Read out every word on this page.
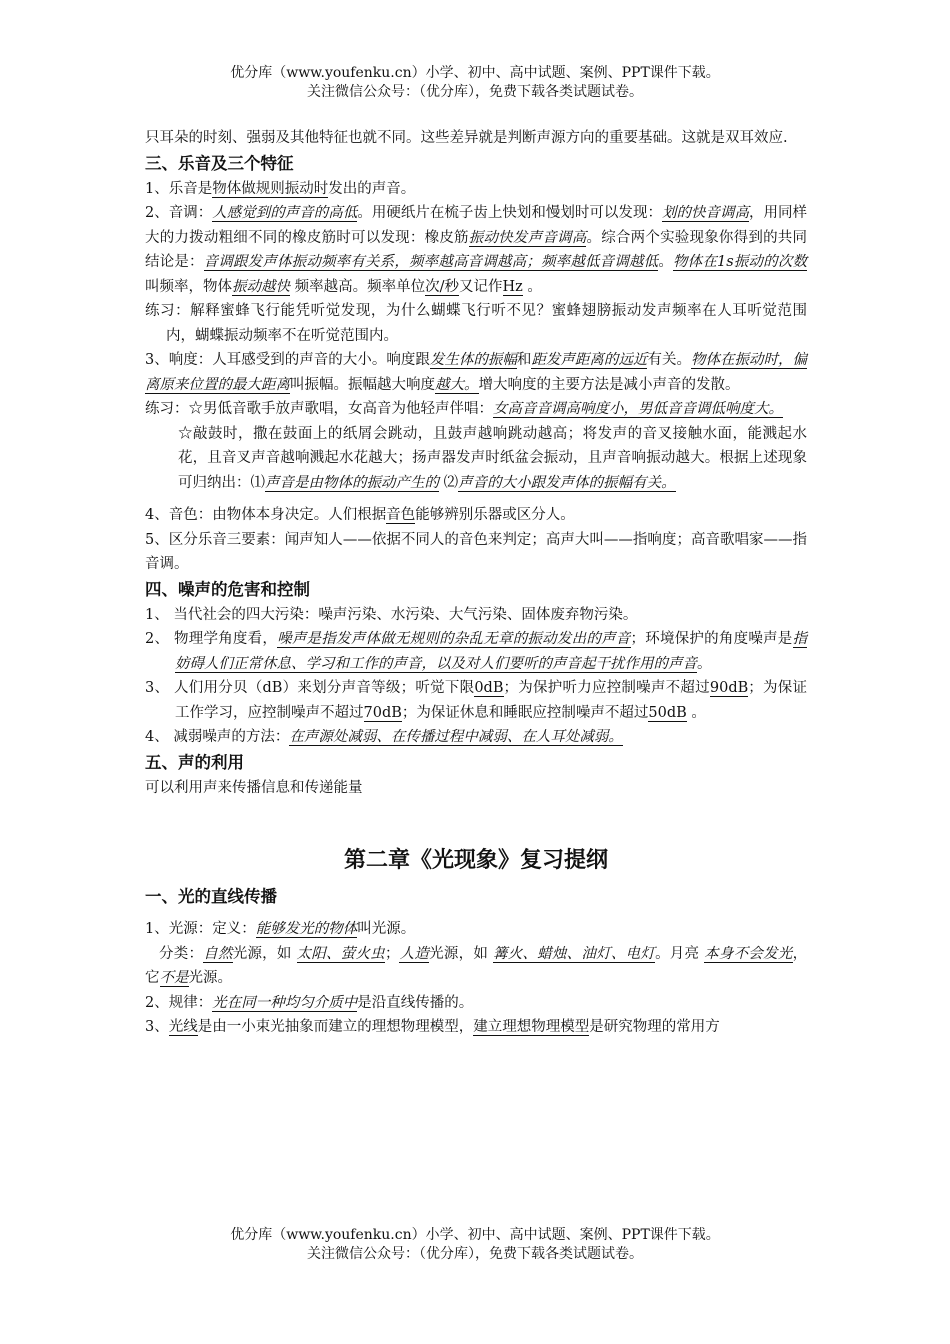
优分库（www.youfenku.cn）小学、初中、高中试题、案例、PPT课件下载。
关注微信公众号：（优分库），免费下载各类试题试卷。

只耳朵的时刻、强弱及其他特征也就不同。这些差异就是判断声源方向的重要基础。这就是双耳效应.

三、乐音及三个特征

1、乐音是物体做规则振动时发出的声音。

2、音调：人感觉到的声音的高低。用硬纸片在梳子齿上快划和慢划时可以发现：划的快音调高，用同样大的力拨动粗细不同的橡皮筋时可以发现：橡皮筋振动快发声音调高。综合两个实验现象你得到的共同结论是：音调跟发声体振动频率有关系，频率越高音调越高；频率越低音调越低。物体在1s振动的次数叫频率，物体振动越快 频率越高。频率单位次/秒又记作Hz 。

练习：解释蜜蜂飞行能凭听觉发现，为什么蝴蝶飞行听不见？蜜蜂翅膀振动发声频率在人耳听觉范围内，蝴蝶振动频率不在听觉范围内。

3、响度：人耳感受到的声音的大小。响度跟发生体的振幅和距发声距离的远近有关。物体在振动时，偏离原来位置的最大距离叫振幅。振幅越大响度越大。增大响度的主要方法是减小声音的发散。

练习：☆男低音歌手放声歌唱，女高音为他轻声伴唱：女高音音调高响度小，男低音音调低响度大。

☆敲鼓时，撒在鼓面上的纸屑会跳动，且鼓声越响跳动越高；将发声的音叉接触水面，能溅起水花，且音叉声音越响溅起水花越大；扬声器发声时纸盆会振动，且声音响振动越大。根据上述现象可归纳出：⑴声音是由物体的振动产生的 ⑵声音的大小跟发声体的振幅有关。

4、音色：由物体本身决定。人们根据音色能够辨别乐器或区分人。

5、区分乐音三要素：闻声知人——依据不同人的音色来判定；高声大叫——指响度；高音歌唱家——指音调。

四、噪声的危害和控制

1、 当代社会的四大污染：噪声污染、水污染、大气污染、固体废弃物污染。

2、 物理学角度看，噪声是指发声体做无规则的杂乱无章的振动发出的声音；环境保护的角度噪声是指妨碍人们正常休息、学习和工作的声音，以及对人们要听的声音起干扰作用的声音。

3、 人们用分贝（dB）来划分声音等级；听觉下限0dB；为保护听力应控制噪声不超过90dB；为保证工作学习，应控制噪声不超过70dB；为保证休息和睡眠应控制噪声不超过50dB 。

4、 减弱噪声的方法：在声源处减弱、在传播过程中减弱、在人耳处减弱。

五、声的利用

可以利用声来传播信息和传递能量

第二章《光现象》复习提纲
一、光的直线传播

1、光源：定义：能够发光的物体叫光源。

分类：自然光源，如 太阳、萤火虫；人造光源，如 篝火、蜡烛、油灯、电灯。月亮 本身不会发光，它不是光源。

2、规律：光在同一种均匀介质中是沿直线传播的。

3、光线是由一小束光抽象而建立的理想物理模型，建立理想物理模型是研究物理的常用方

优分库（www.youfenku.cn）小学、初中、高中试题、案例、PPT课件下载。
关注微信公众号：（优分库），免费下载各类试题试卷。
